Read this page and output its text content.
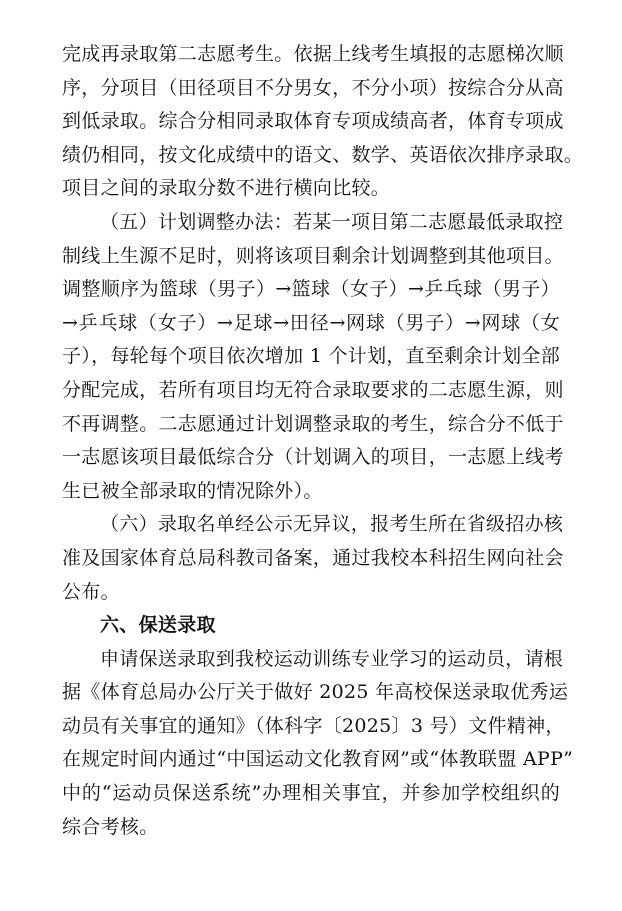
完成再录取第二志愿考生。依据上线考生填报的志愿梯次顺
序，分项目（田径项目不分男女，不分小项）按综合分从高
到低录取。综合分相同录取体育专项成绩高者，体育专项成
绩仍相同，按文化成绩中的语文、数学、英语依次排序录取。
项目之间的录取分数不进行横向比较。
（五）计划调整办法：若某一项目第二志愿最低录取控
制线上生源不足时，则将该项目剩余计划调整到其他项目。
调整顺序为篮球（男子）→篮球（女子）→乒乓球（男子）
→乒乓球（女子）→足球→田径→网球（男子）→网球（女
子），每轮每个项目依次增加 1 个计划，直至剩余计划全部
分配完成，若所有项目均无符合录取要求的二志愿生源，则
不再调整。二志愿通过计划调整录取的考生，综合分不低于
一志愿该项目最低综合分（计划调入的项目，一志愿上线考
生已被全部录取的情况除外）。
（六）录取名单经公示无异议，报考生所在省级招办核
准及国家体育总局科教司备案，通过我校本科招生网向社会
公布。
六、保送录取
申请保送录取到我校运动训练专业学习的运动员，请根
据《体育总局办公厅关于做好 2025 年高校保送录取优秀运
动员有关事宜的通知》（体科字〔2025〕3 号）文件精神，
在规定时间内通过“中国运动文化教育网”或“体教联盟 APP”
中的“运动员保送系统”办理相关事宜，并参加学校组织的
综合考核。
